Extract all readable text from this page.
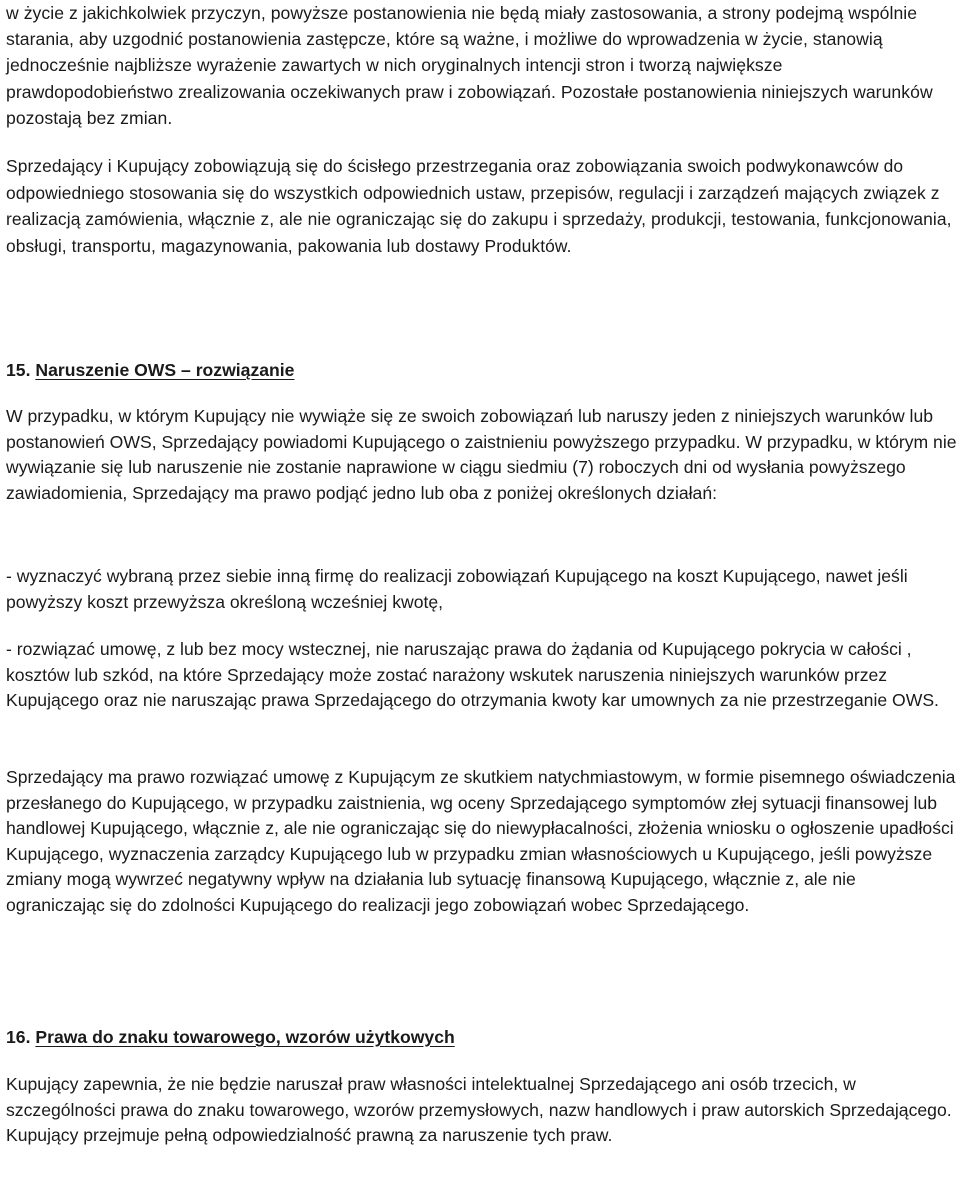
w życie z jakichkolwiek przyczyn, powyższe postanowienia nie będą miały zastosowania, a strony podejmą wspólnie starania, aby uzgodnić postanowienia zastępcze, które są ważne, i możliwe do wprowadzenia w życie, stanowią jednocześnie najbliższe wyrażenie zawartych w nich oryginalnych intencji stron i tworzą największe prawdopodobieństwo zrealizowania oczekiwanych praw i zobowiązań. Pozostałe postanowienia niniejszych warunków pozostają bez zmian.

Sprzedający i Kupujący zobowiązują się do ścisłego przestrzegania oraz zobowiązania swoich podwykonawców do odpowiedniego stosowania się do wszystkich odpowiednich ustaw, przepisów, regulacji i zarządzeń mających związek z realizacją zamówienia, włącznie z, ale nie ograniczając się do zakupu i sprzedaży, produkcji, testowania, funkcjonowania, obsługi, transportu, magazynowania, pakowania lub dostawy Produktów.

15. Naruszenie OWS – rozwiązanie

W przypadku, w którym Kupujący nie wywiąże się ze swoich zobowiązań lub naruszy jeden z niniejszych warunków lub postanowień OWS, Sprzedający powiadomi Kupującego o zaistnieniu powyższego przypadku. W przypadku, w którym nie wywiązanie się lub naruszenie nie zostanie naprawione w ciągu siedmiu (7) roboczych dni od wysłania powyższego zawiadomienia, Sprzedający ma prawo podjąć jedno lub oba z poniżej określonych działań:

- wyznaczyć wybraną przez siebie inną firmę do realizacji zobowiązań Kupującego na koszt Kupującego, nawet jeśli powyższy koszt przewyższa określoną wcześniej kwotę,

- rozwiązać umowę, z lub bez mocy wstecznej, nie naruszając prawa do żądania od Kupującego pokrycia w całości , kosztów lub szkód, na które Sprzedający może zostać narażony wskutek naruszenia niniejszych warunków przez Kupującego oraz nie naruszając prawa Sprzedającego do otrzymania kwoty kar umownych za nie przestrzeganie OWS.

Sprzedający ma prawo rozwiązać umowę z Kupującym ze skutkiem natychmiastowym, w formie pisemnego oświadczenia przesłanego do Kupującego, w przypadku zaistnienia, wg oceny Sprzedającego symptomów złej sytuacji finansowej lub handlowej Kupującego, włącznie z, ale nie ograniczając się do niewypłacalności, złożenia wniosku o ogłoszenie upadłości Kupującego, wyznaczenia zarządcy Kupującego lub w przypadku zmian własnościowych u Kupującego, jeśli powyższe zmiany mogą wywrzeć negatywny wpływ na działania lub sytuację finansową Kupującego, włącznie z, ale nie ograniczając się do zdolności Kupującego do realizacji jego zobowiązań wobec Sprzedającego.

16. Prawa do znaku towarowego, wzorów użytkowych

Kupujący zapewnia, że nie będzie naruszał praw własności intelektualnej Sprzedającego ani osób trzecich, w szczególności prawa do znaku towarowego, wzorów przemysłowych, nazw handlowych i praw autorskich Sprzedającego. Kupujący przejmuje pełną odpowiedzialność prawną za naruszenie tych praw.
